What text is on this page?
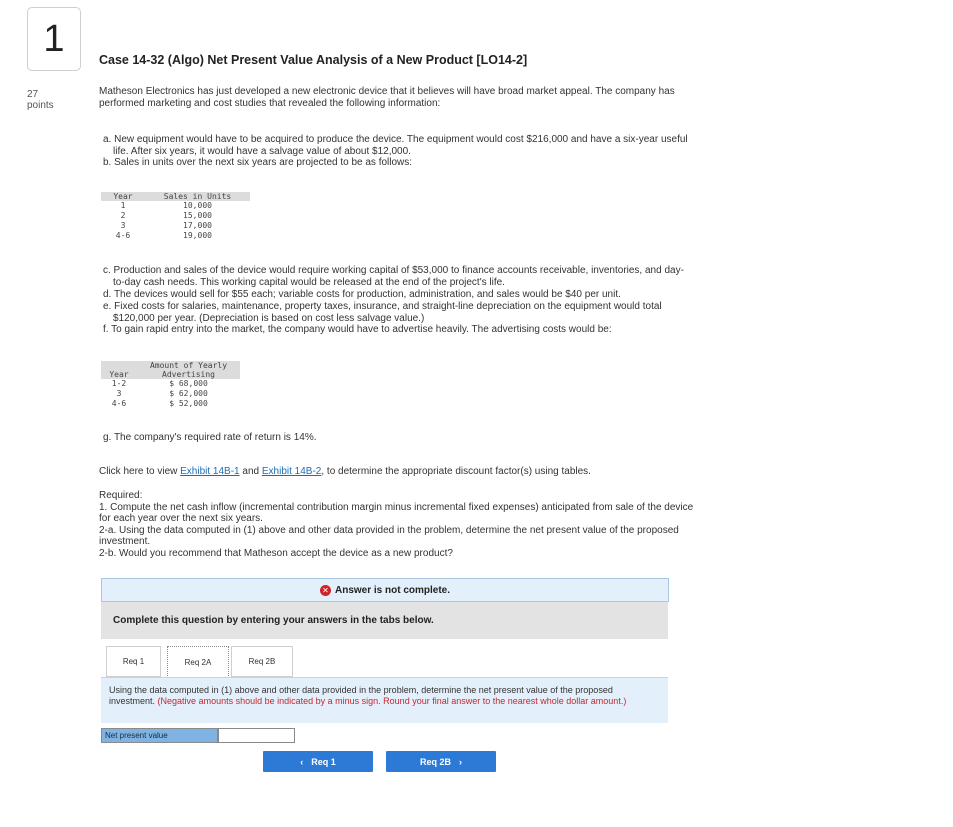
1
27
points
Case 14-32 (Algo) Net Present Value Analysis of a New Product [LO14-2]
Matheson Electronics has just developed a new electronic device that it believes will have broad market appeal. The company has
performed marketing and cost studies that revealed the following information:
a. New equipment would have to be acquired to produce the device. The equipment would cost $216,000 and have a six-year useful
life. After six years, it would have a salvage value of about $12,000.
b. Sales in units over the next six years are projected to be as follows:
Year	Sales in Units
1	10,000
2	15,000
3	17,000
4-6	19,000
c. Production and sales of the device would require working capital of $53,000 to finance accounts receivable, inventories, and day-
to-day cash needs. This working capital would be released at the end of the project's life.
d. The devices would sell for $55 each; variable costs for production, administration, and sales would be $40 per unit.
e. Fixed costs for salaries, maintenance, property taxes, insurance, and straight-line depreciation on the equipment would total
$120,000 per year. (Depreciation is based on cost less salvage value.)
f. To gain rapid entry into the market, the company would have to advertise heavily. The advertising costs would be:
Year	Amount of Yearly
Advertising

1-2	$ 68,000
3	$ 62,000
4-6	$ 52,000
g. The company's required rate of return is 14%.
Click here to view Exhibit 14B-1 and Exhibit 14B-2, to determine the appropriate discount factor(s) using tables.
Required:
1. Compute the net cash inflow (incremental contribution margin minus incremental fixed expenses) anticipated from sale of the device
for each year over the next six years.
2-a. Using the data computed in (1) above and other data provided in the problem, determine the net present value of the proposed
investment.
2-b. Would you recommend that Matheson accept the device as a new product?
✕ Answer is not complete.
Complete this question by entering your answers in the tabs below.
Req 1	Req 2A	Req 2B
Using the data computed in (1) above and other data provided in the problem, determine the net present value of the proposed investment. (Negative amounts should be indicated by a minus sign. Round your final answer to the nearest whole dollar amount.)
Net present value
‹ Req 1	Req 2B ›
